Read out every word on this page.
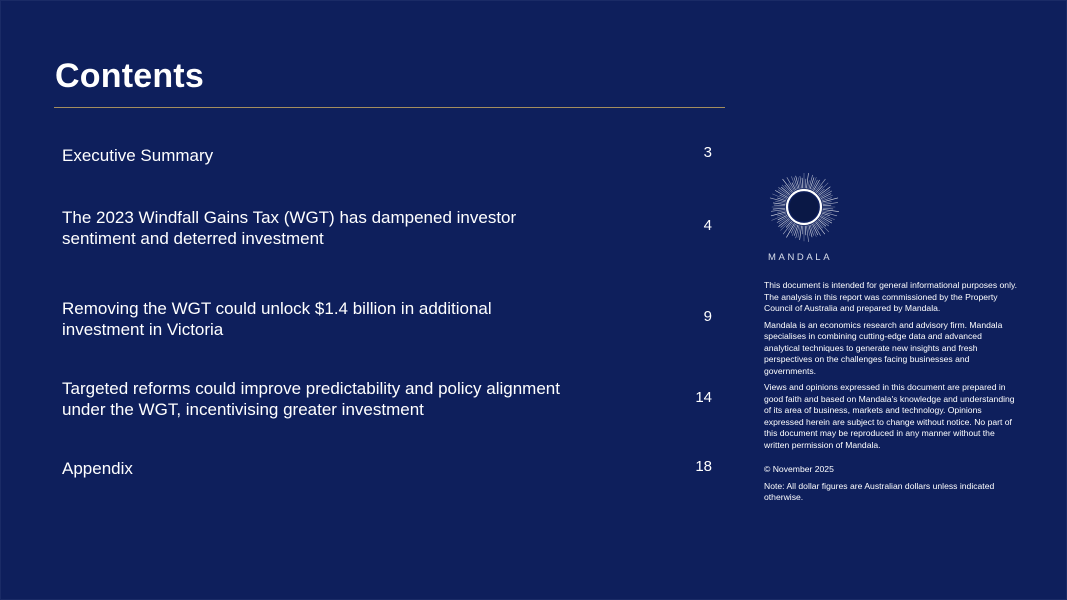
Contents
Executive Summary	3
The 2023 Windfall Gains Tax (WGT) has dampened investor sentiment and deterred investment
4
Removing the WGT could unlock $1.4 billion in additional investment in Victoria
9
Targeted reforms could improve predictability and policy alignment under the WGT, incentivising greater investment
14
Appendix	18
MANDALA

This document is intended for general informational purposes only. The analysis in this report was commissioned by the Property Council of Australia and prepared by Mandala.

Mandala is an economics research and advisory firm. Mandala specialises in combining cutting-edge data and advanced analytical techniques to generate new insights and fresh perspectives on the challenges facing businesses and governments.

Views and opinions expressed in this document are prepared in good faith and based on Mandala's knowledge and understanding of its area of business, markets and technology. Opinions expressed herein are subject to change without notice. No part of this document may be reproduced in any manner without the written permission of Mandala.

© November 2025

Note: All dollar figures are Australian dollars unless indicated otherwise.
